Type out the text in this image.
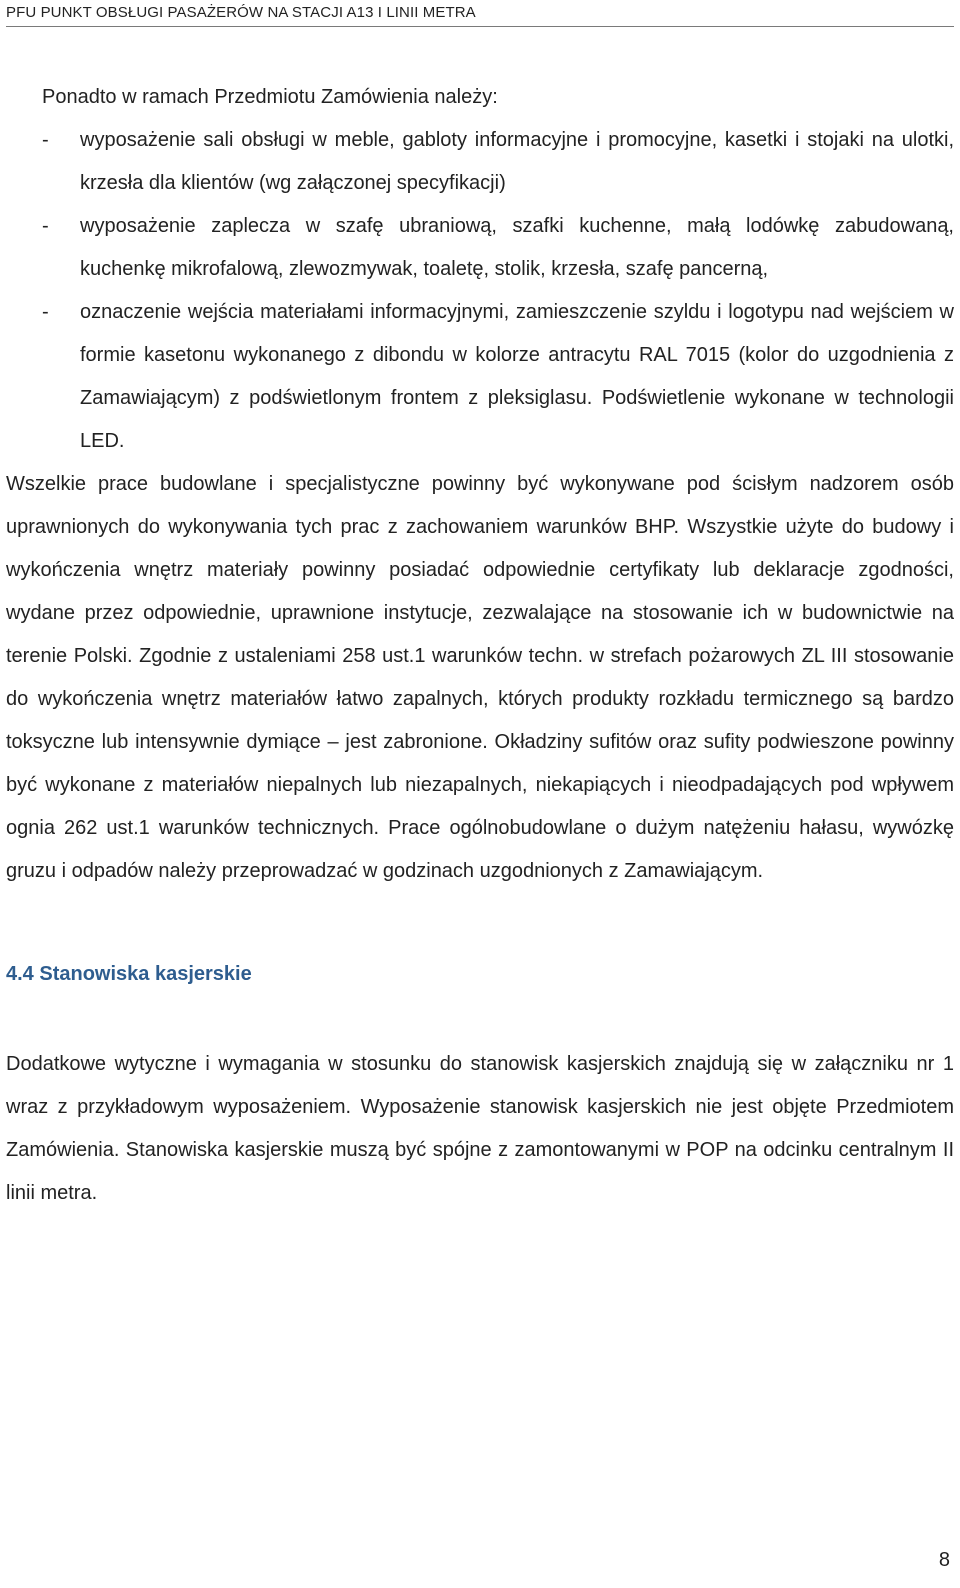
PFU PUNKT OBSŁUGI PASAŻERÓW NA STACJI A13 I LINII METRA

Ponadto w ramach Przedmiotu Zamówienia należy:

- wyposażenie sali obsługi w meble, gabloty informacyjne i promocyjne, kasetki i stojaki na ulotki, krzesła dla klientów (wg załączonej specyfikacji)
- wyposażenie zaplecza w szafę ubraniową, szafki kuchenne, małą lodówkę zabudowaną, kuchenkę mikrofalową, zlewozmywak, toaletę, stolik, krzesła, szafę pancerną,
- oznaczenie wejścia materiałami informacyjnymi, zamieszczenie szyldu i logotypu nad wejściem w formie kasetonu wykonanego z dibondu w kolorze antracytu RAL 7015 (kolor do uzgodnienia z Zamawiającym) z podświetlonym frontem z pleksiglasu. Podświetlenie wykonane w technologii LED.

Wszelkie prace budowlane i specjalistyczne powinny być wykonywane pod ścisłym nadzorem osób uprawnionych do wykonywania tych prac z zachowaniem warunków BHP. Wszystkie użyte do budowy i wykończenia wnętrz materiały powinny posiadać odpowiednie certyfikaty lub deklaracje zgodności, wydane przez odpowiednie, uprawnione instytucje, zezwalające na stosowanie ich w budownictwie na terenie Polski. Zgodnie z ustaleniami 258 ust.1 warunków techn. w strefach pożarowych ZL III stosowanie do wykończenia wnętrz materiałów łatwo zapalnych, których produkty rozkładu termicznego są bardzo toksyczne lub intensywnie dymiące – jest zabronione. Okładziny sufitów oraz sufity podwieszone powinny być wykonane z materiałów niepalnych lub niezapalnych, niekapiących i nieodpadających pod wpływem ognia 262 ust.1 warunków technicznych. Prace ogólnobudowlane o dużym natężeniu hałasu, wywózkę gruzu i odpadów należy przeprowadzać w godzinach uzgodnionych z Zamawiającym.

4.4 Stanowiska kasjerskie

Dodatkowe wytyczne i wymagania w stosunku do stanowisk kasjerskich znajdują się w załączniku nr 1 wraz z przykładowym wyposażeniem. Wyposażenie stanowisk kasjerskich nie jest objęte Przedmiotem Zamówienia. Stanowiska kasjerskie muszą być spójne z zamontowanymi w POP na odcinku centralnym II linii metra.

8
